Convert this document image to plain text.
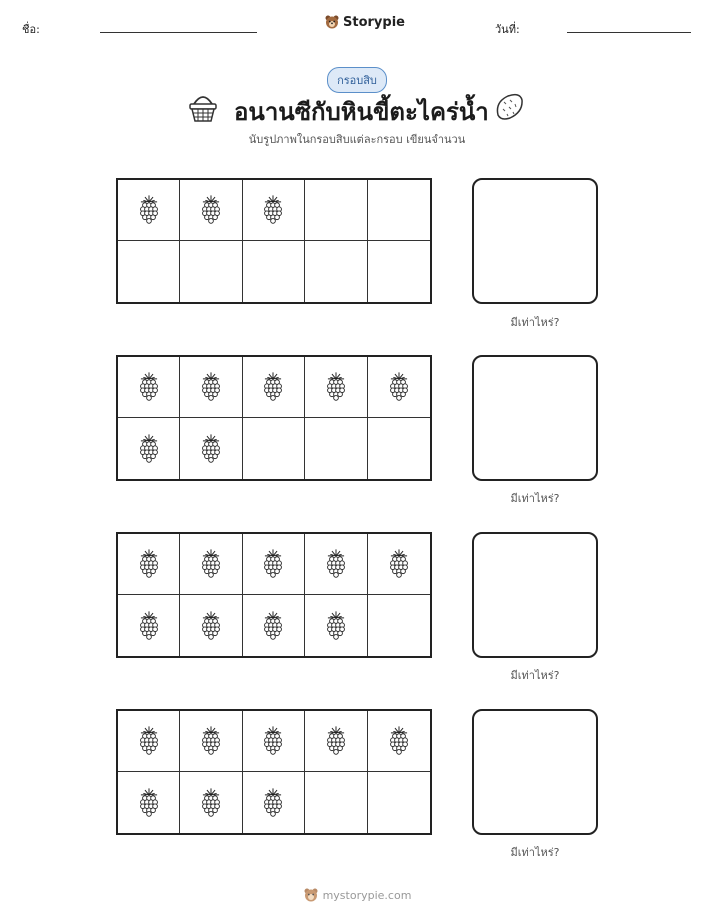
ชื่อ:	Storypie	วันที่:
กรอบสิบ
อนานซีกับหินขี้ตะไคร่น้ำ
นับรูปภาพในกรอบสิบแต่ละกรอบ เขียนจำนวน
มีเท่าไหร่?
มีเท่าไหร่?
มีเท่าไหร่?
มีเท่าไหร่?
mystorypie.com
